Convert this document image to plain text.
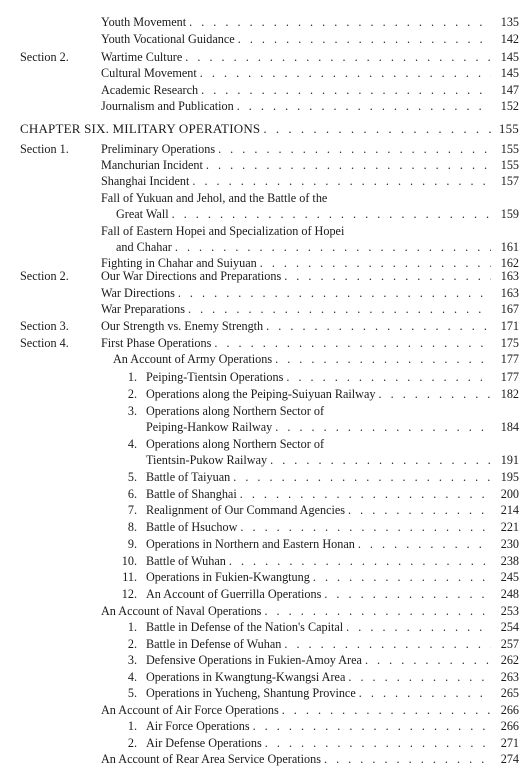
Youth Movement . . .	135
Youth Vocational Guidance . . .	142
Section 2.	Wartime Culture . . .	145
Cultural Movement . . .	145
Academic Research . . .	147
Journalism and Publication . . .	152
CHAPTER SIX. MILITARY OPERATIONS . . .	155
Section 1.	Preliminary Operations . . .	155
Manchurian Incident . . .	155
Shanghai Incident . . .	157
Fall of Yukuan and Jehol, and the Battle of the
Great Wall . . .	159
Fall of Eastern Hopei and Specialization of Hopei
and Chahar . . .	161
Fighting in Chahar and Suiyuan . . .	162
Section 2.	Our War Directions and Preparations . . .	163
War Directions . . .	163
War Preparations . . .	167
Section 3.	Our Strength vs. Enemy Strength . . .	171
Section 4.	First Phase Operations . . .	175
An Account of Army Operations . . .	177
1. Peiping-Tientsin Operations . . .	177
2. Operations along the Peiping-Suiyuan Railway . . .	182
3. Operations along Northern Sector of
Peiping-Hankow Railway . . .	184
4. Operations along Northern Sector of
Tientsin-Pukow Railway . . .	191
5. Battle of Taiyuan . . .	195
6. Battle of Shanghai . . .	200
7. Realignment of Our Command Agencies . . .	214
8. Battle of Hsuchow . . .	221
9. Operations in Northern and Eastern Honan . . .	230
10. Battle of Wuhan . . .	238
11. Operations in Fukien-Kwangtung . . .	245
12. An Account of Guerrilla Operations . . .	248
An Account of Naval Operations . . .	253
1. Battle in Defense of the Nation's Capital . . .	254
2. Battle in Defense of Wuhan . . .	257
3. Defensive Operations in Fukien-Amoy Area . . .	262
4. Operations in Kwangtung-Kwangsi Area . . .	263
5. Operations in Yucheng, Shantung Province . . .	265
An Account of Air Force Operations . . .	266
1. Air Force Operations . . .	266
2. Air Defense Operations . . .	271
An Account of Rear Area Service Operations . . .	274
